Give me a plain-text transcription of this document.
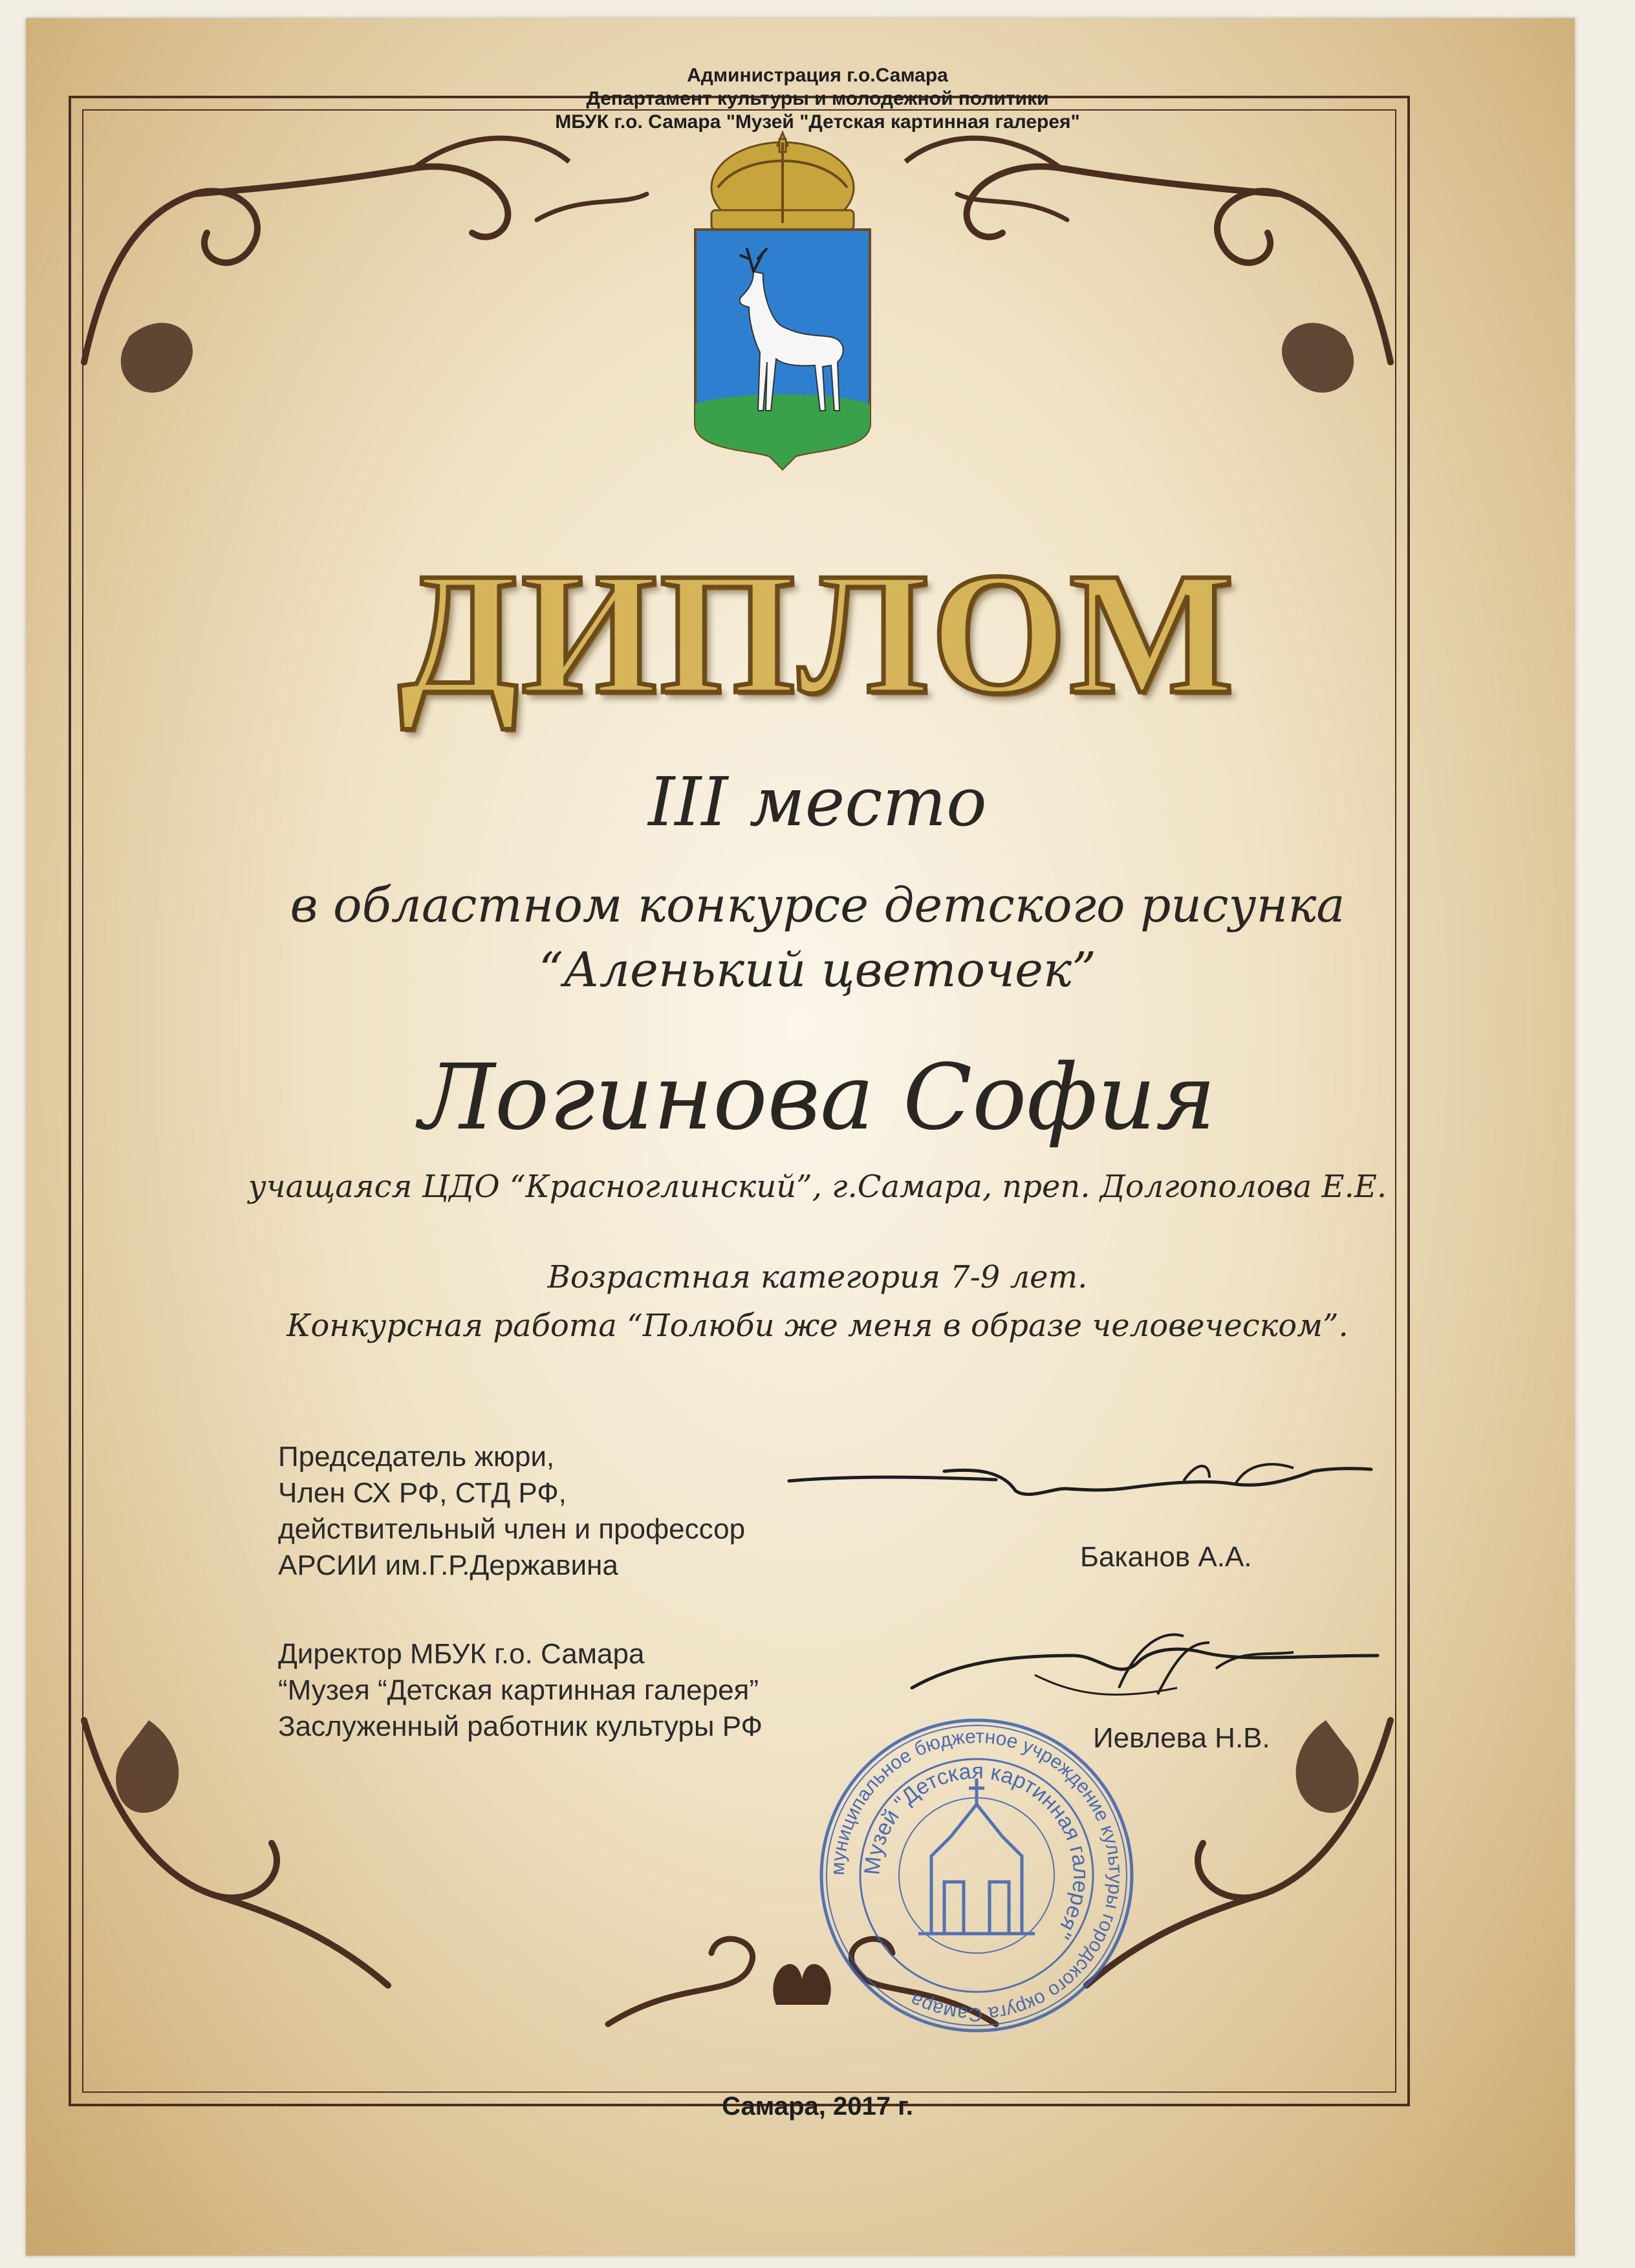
Администрация г.о.Самара
Департамент культуры и молодежной политики
МБУК г.о. Самара "Музей "Детская картинная галерея"
ДИПЛОМ
III место
в областном конкурсе детского рисунка
“Аленький цветочек”
Логинова София
учащаяся ЦДО “Красноглинский”, г.Самара, преп. Долгополова Е.Е.
Возрастная категория 7-9 лет.
Конкурсная работа “Полюби же меня в образе человеческом”.
Председатель жюри,
Член СХ РФ, СТД РФ,
действительный член и профессор
АРСИИ им.Г.Р.Державина	Баканов А.А.
Директор МБУК г.о. Самара
“Музея “Детская картинная галерея”
Заслуженный работник культуры РФ	Иевлева Н.В.
муниципальное бюджетное учреждение культуры городского округа Самара
Музей "Детская картинная галерея"
Самара, 2017 г.
